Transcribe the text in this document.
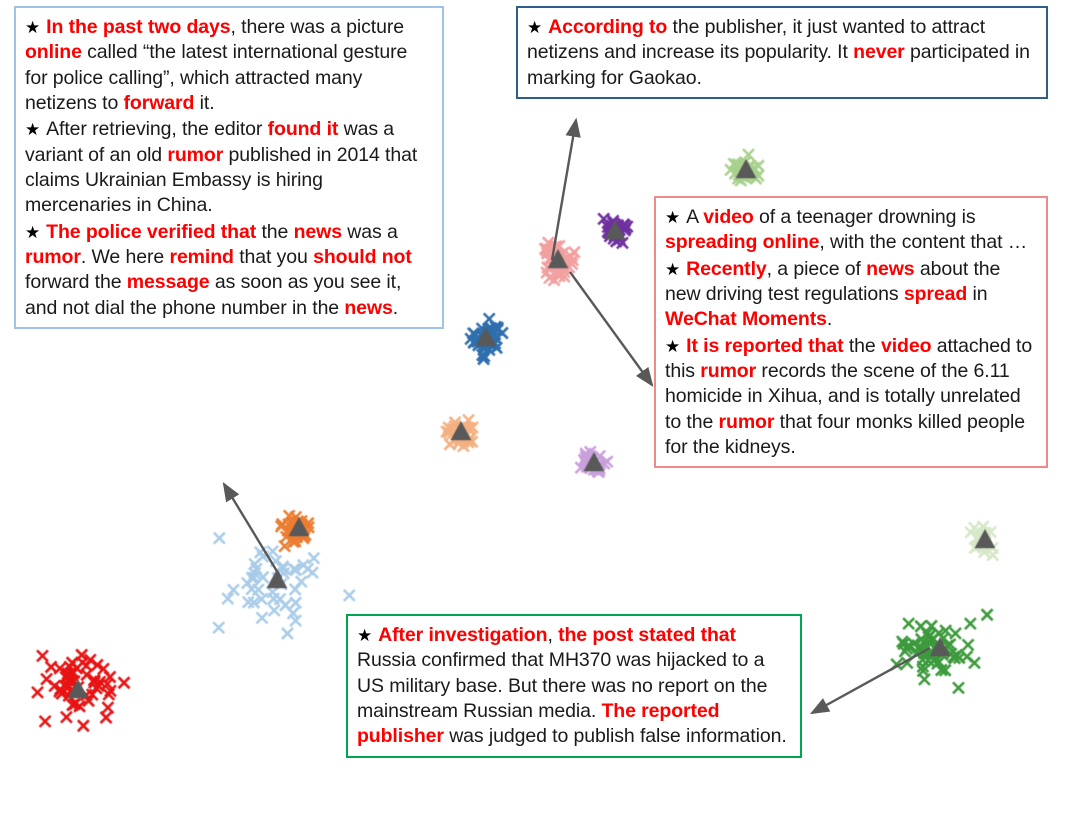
★ In the past two days, there was a picture online called “the latest international gesture for police calling”, which attracted many netizens to forward it.

★ After retrieving, the editor found it was a variant of an old rumor published in 2014 that claims Ukrainian Embassy is hiring mercenaries in China.

★ The police verified that the news was a rumor. We here remind that you should not forward the message as soon as you see it, and not dial the phone number in the news.

★ According to the publisher, it just wanted to attract netizens and increase its popularity. It never participated in marking for Gaokao.

★ A video of a teenager drowning is spreading online, with the content that …

★ Recently, a piece of news about the new driving test regulations spread in WeChat Moments.

★ It is reported that the video attached to this rumor records the scene of the 6.11 homicide in Xihua, and is totally unrelated to the rumor that four monks killed people for the kidneys.

★ After investigation, the post stated that Russia confirmed that MH370 was hijacked to a US military base. But there was no report on the mainstream Russian media. The reported publisher was judged to publish false information.
